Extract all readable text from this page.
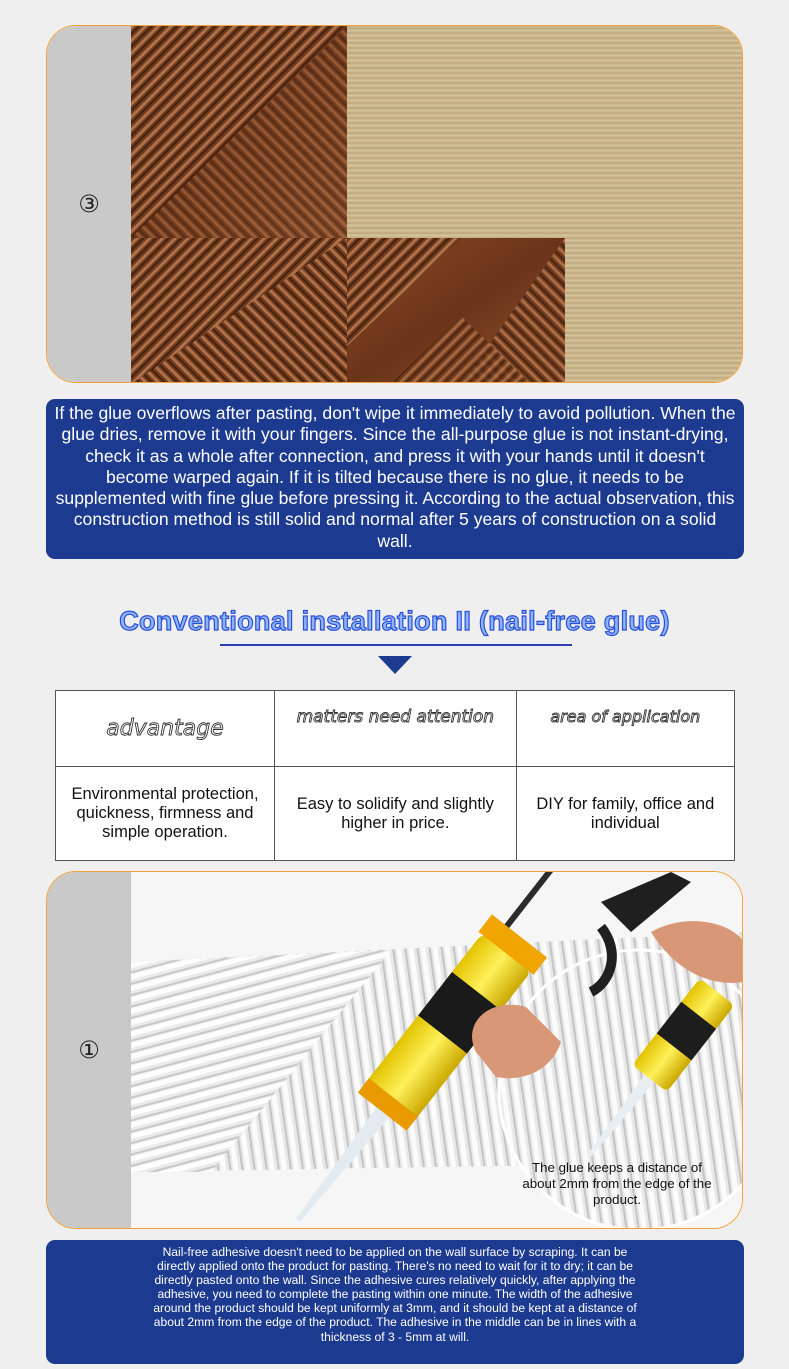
③

If the glue overflows after pasting, don't wipe it immediately to avoid pollution. When the glue dries, remove it with your fingers. Since the all-purpose glue is not instant-drying, check it as a whole after connection, and press it with your hands until it doesn't become warped again. If it is tilted because there is no glue, it needs to be supplemented with fine glue before pressing it. According to the actual observation, this construction method is still solid and normal after 5 years of construction on a solid wall.

Conventional installation II (nail-free glue)
advantage	matters need attention	area of application
Environmental protection, quickness, firmness and simple operation.	Easy to solidify and slightly higher in price.	DIY for family, office and individual
①
The glue keeps a distance of about 2mm from the edge of the product.

Nail-free adhesive doesn't need to be applied on the wall surface by scraping. It can be directly applied onto the product for pasting. There's no need to wait for it to dry; it can be directly pasted onto the wall. Since the adhesive cures relatively quickly, after applying the adhesive, you need to complete the pasting within one minute. The width of the adhesive around the product should be kept uniformly at 3mm, and it should be kept at a distance of about 2mm from the edge of the product. The adhesive in the middle can be in lines with a thickness of 3 - 5mm at will.
